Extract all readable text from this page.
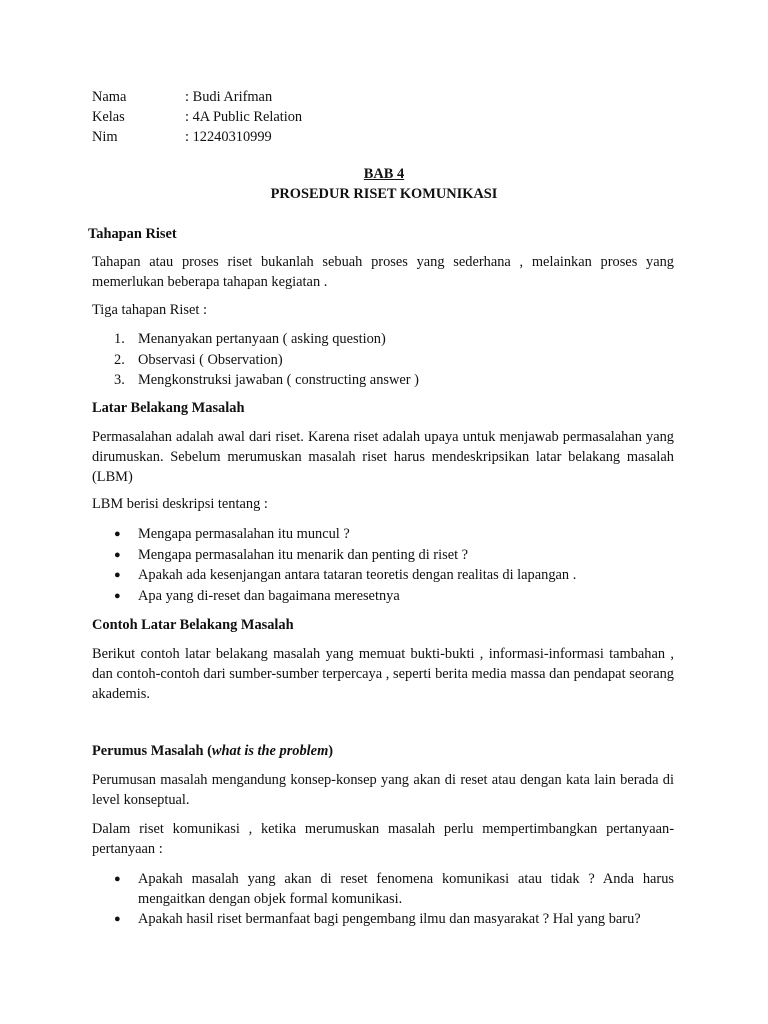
Nama	: Budi Arifman
Kelas	: 4A Public Relation
Nim	: 12240310999
BAB 4
PROSEDUR RISET KOMUNIKASI
Tahapan Riset
Tahapan atau proses riset bukanlah sebuah proses yang sederhana , melainkan proses yang memerlukan beberapa tahapan kegiatan .
Tiga tahapan Riset :
1. Menanyakan pertanyaan ( asking question)
2. Observasi ( Observation)
3. Mengkonstruksi jawaban ( constructing answer )
Latar Belakang Masalah
Permasalahan adalah awal dari riset. Karena riset adalah upaya untuk menjawab permasalahan yang dirumuskan. Sebelum merumuskan masalah riset harus mendeskripsikan latar belakang masalah (LBM)
LBM berisi deskripsi tentang :
● Mengapa permasalahan itu muncul ?
● Mengapa permasalahan itu menarik dan penting di riset ?
● Apakah ada kesenjangan antara tataran teoretis dengan realitas di lapangan .
● Apa yang di-reset dan bagaimana meresetnya
Contoh Latar Belakang Masalah
Berikut contoh latar belakang masalah yang memuat bukti-bukti , informasi-informasi tambahan , dan contoh-contoh dari sumber-sumber terpercaya , seperti berita media massa dan pendapat seorang akademis.
Perumus Masalah (what is the problem)
Perumusan masalah mengandung konsep-konsep yang akan di reset atau dengan kata lain berada di level konseptual.
Dalam riset komunikasi , ketika merumuskan masalah perlu mempertimbangkan pertanyaan-pertanyaan :
● Apakah masalah yang akan di reset fenomena komunikasi atau tidak ? Anda harus mengaitkan dengan objek formal komunikasi.
● Apakah hasil riset bermanfaat bagi pengembang ilmu dan masyarakat ? Hal yang baru?
